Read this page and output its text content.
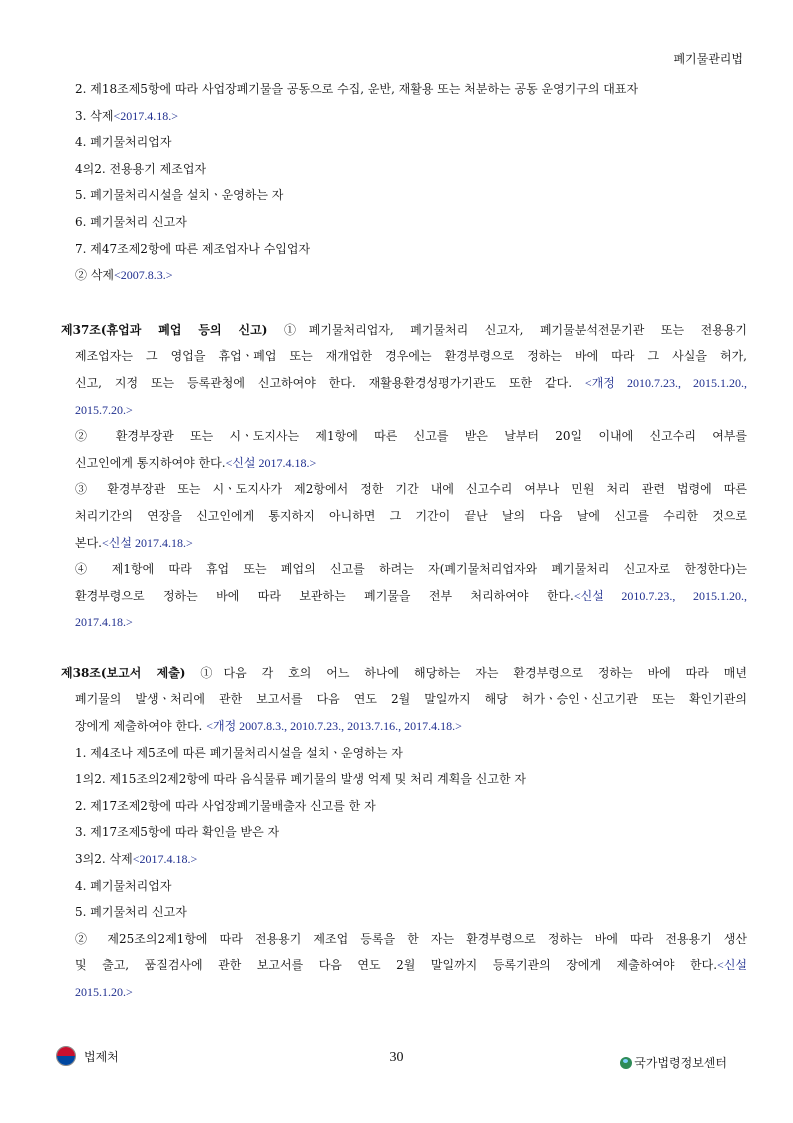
폐기물관리법
2. 제18조제5항에 따라 사업장폐기물을 공동으로 수집, 운반, 재활용 또는 처분하는 공동 운영기구의 대표자
3. 삭제<2017.4.18.>
4. 폐기물처리업자
4의2. 전용용기 제조업자
5. 폐기물처리시설을 설치ㆍ운영하는 자
6. 폐기물처리 신고자
7. 제47조제2항에 따른 제조업자나 수입업자
② 삭제<2007.8.3.>
제37조(휴업과 폐업 등의 신고) ①폐기물처리업자, 폐기물처리 신고자, 폐기물분석전문기관 또는 전용용기
제조업자는 그 영업을 휴업ㆍ폐업 또는 재개업한 경우에는 환경부령으로 정하는 바에 따라 그 사실을 허가,
신고, 지정 또는 등록관청에 신고하여야 한다. 재활용환경성평가기관도 또한 같다. <개정 2010.7.23., 2015.1.20.,
2015.7.20.>
② 환경부장관 또는 시ㆍ도지사는 제1항에 따른 신고를 받은 날부터 20일 이내에 신고수리 여부를
신고인에게 통지하여야 한다.<신설 2017.4.18.>
③ 환경부장관 또는 시ㆍ도지사가 제2항에서 정한 기간 내에 신고수리 여부나 민원 처리 관련 법령에 따른
처리기간의 연장을 신고인에게 통지하지 아니하면 그 기간이 끝난 날의 다음 날에 신고를 수리한 것으로
본다.<신설 2017.4.18.>
④ 제1항에 따라 휴업 또는 폐업의 신고를 하려는 자(폐기물처리업자와 폐기물처리 신고자로 한정한다)는
환경부령으로 정하는 바에 따라 보관하는 폐기물을 전부 처리하여야 한다.<신설 2010.7.23., 2015.1.20.,
2017.4.18.>
제38조(보고서 제출) ①다음 각 호의 어느 하나에 해당하는 자는 환경부령으로 정하는 바에 따라 매년
폐기물의 발생ㆍ처리에 관한 보고서를 다음 연도 2월 말일까지 해당 허가ㆍ승인ㆍ신고기관 또는 확인기관의
장에게 제출하여야 한다. <개정 2007.8.3., 2010.7.23., 2013.7.16., 2017.4.18.>
1. 제4조나 제5조에 따른 폐기물처리시설을 설치ㆍ운영하는 자
1의2. 제15조의2제2항에 따라 음식물류 폐기물의 발생 억제 및 처리 계획을 신고한 자
2. 제17조제2항에 따라 사업장폐기물배출자 신고를 한 자
3. 제17조제5항에 따라 확인을 받은 자
3의2. 삭제<2017.4.18.>
4. 폐기물처리업자
5. 폐기물처리 신고자
② 제25조의2제1항에 따라 전용용기 제조업 등록을 한 자는 환경부령으로 정하는 바에 따라 전용용기 생산
및 출고, 품질검사에 관한 보고서를 다음 연도 2월 말일까지 등록기관의 장에게 제출하여야 한다.<신설
2015.1.20.>
법제처	30	국가법령정보센터
